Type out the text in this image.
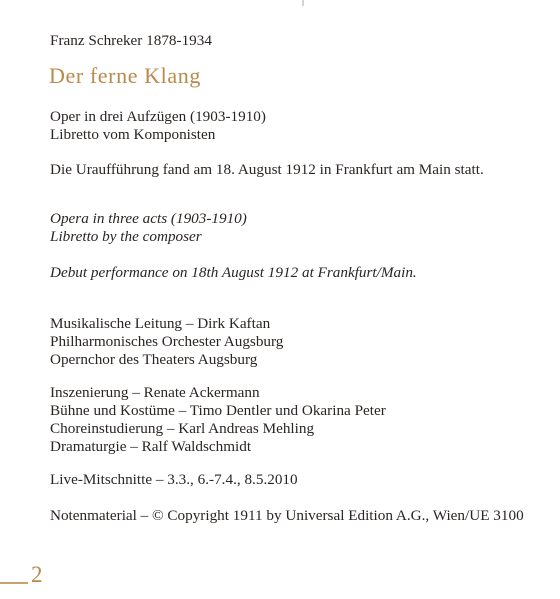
Franz Schreker 1878-1934
Der ferne Klang
Oper in drei Aufzügen (1903-1910)
Libretto vom Komponisten
Die Uraufführung fand am 18. August 1912 in Frankfurt am Main statt.
Opera in three acts (1903-1910)
Libretto by the composer
Debut performance on 18th August 1912 at Frankfurt/Main.
Musikalische Leitung – Dirk Kaftan
Philharmonisches Orchester Augsburg
Opernchor des Theaters Augsburg
Inszenierung – Renate Ackermann
Bühne und Kostüme – Timo Dentler und Okarina Peter
Choreinstudierung – Karl Andreas Mehling
Dramaturgie – Ralf Waldschmidt
Live-Mitschnitte – 3.3., 6.-7.4., 8.5.2010
Notenmaterial – © Copyright 1911 by Universal Edition A.G., Wien/UE 3100
2
